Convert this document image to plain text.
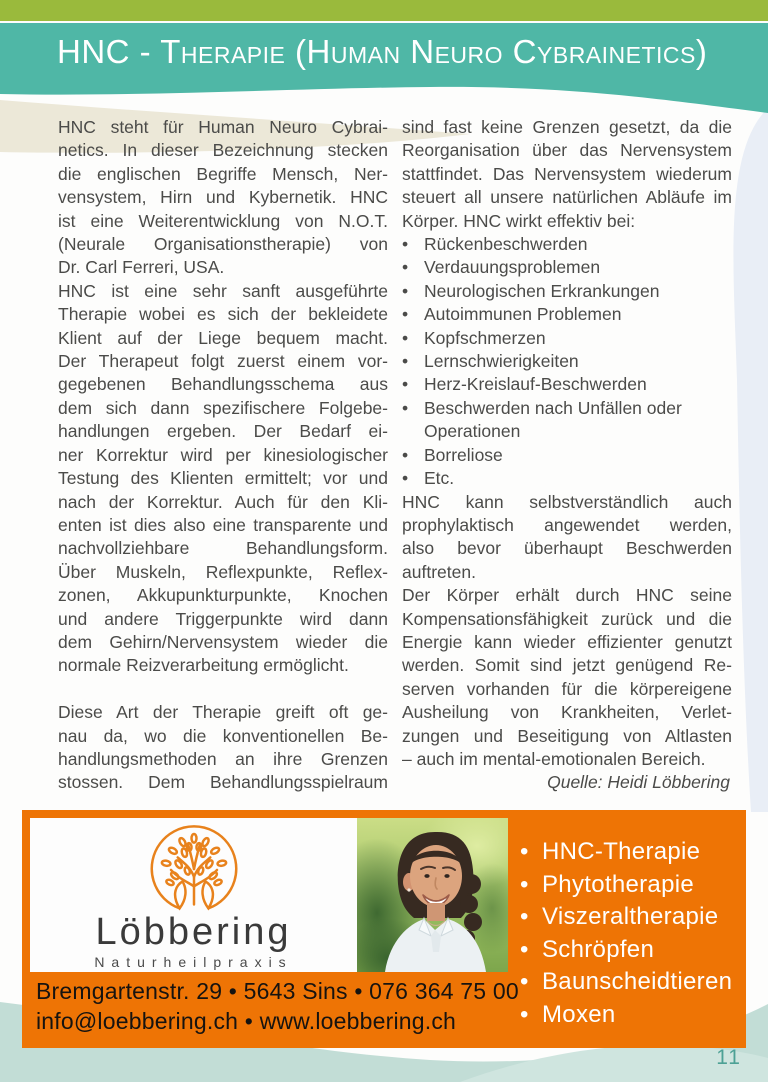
HNC - Therapie (Human Neuro Cybrainetics)
HNC steht für Human Neuro Cybrai-
netics. In dieser Bezeichnung stecken
die englischen Begriffe Mensch, Ner-
vensystem, Hirn und Kybernetik. HNC
ist eine Weiterentwicklung von N.O.T.
(Neurale Organisationstherapie) von
Dr. Carl Ferreri, USA.
HNC ist eine sehr sanft ausgeführte
Therapie wobei es sich der bekleidete
Klient auf der Liege bequem macht.
Der Therapeut folgt zuerst einem vor-
gegebenen Behandlungsschema aus
dem sich dann spezifischere Folgebe-
handlungen ergeben. Der Bedarf ei-
ner Korrektur wird per kinesiologischer
Testung des Klienten ermittelt; vor und
nach der Korrektur. Auch für den Kli-
enten ist dies also eine transparente und
nachvollziehbare Behandlungsform.
Über Muskeln, Reflexpunkte, Reflex-
zonen, Akkupunkturpunkte, Knochen
und andere Triggerpunkte wird dann
dem Gehirn/Nervensystem wieder die
normale Reizverarbeitung ermöglicht.
Diese Art der Therapie greift oft ge-
nau da, wo die konventionellen Be-
handlungsmethoden an ihre Grenzen
stossen. Dem Behandlungsspielraum
sind fast keine Grenzen gesetzt, da die
Reorganisation über das Nervensystem
stattfindet. Das Nervensystem wiederum
steuert all unsere natürlichen Abläufe im
Körper. HNC wirkt effektiv bei:
• Rückenbeschwerden
• Verdauungsproblemen
• Neurologischen Erkrankungen
• Autoimmunen Problemen
• Kopfschmerzen
• Lernschwierigkeiten
• Herz-Kreislauf-Beschwerden
• Beschwerden nach Unfällen oder Operationen
• Borreliose
• Etc.
HNC kann selbstverständlich auch
prophylaktisch angewendet werden,
also bevor überhaupt Beschwerden
auftreten.
Der Körper erhält durch HNC seine
Kompensationsfähigkeit zurück und die
Energie kann wieder effizienter genutzt
werden. Somit sind jetzt genügend Re-
serven vorhanden für die körpereigene
Ausheilung von Krankheiten, Verlet-
zungen und Beseitigung von Altlasten
– auch im mental-emotionalen Bereich.
Quelle: Heidi Löbbering
Löbbering
Naturheilpraxis
• HNC-Therapie
• Phytotherapie
• Viszeraltherapie
• Schröpfen
• Baunscheidtieren
• Moxen
Bremgartenstr. 29 • 5643 Sins • 076 364 75 00
info@loebbering.ch • www.loebbering.ch
11
